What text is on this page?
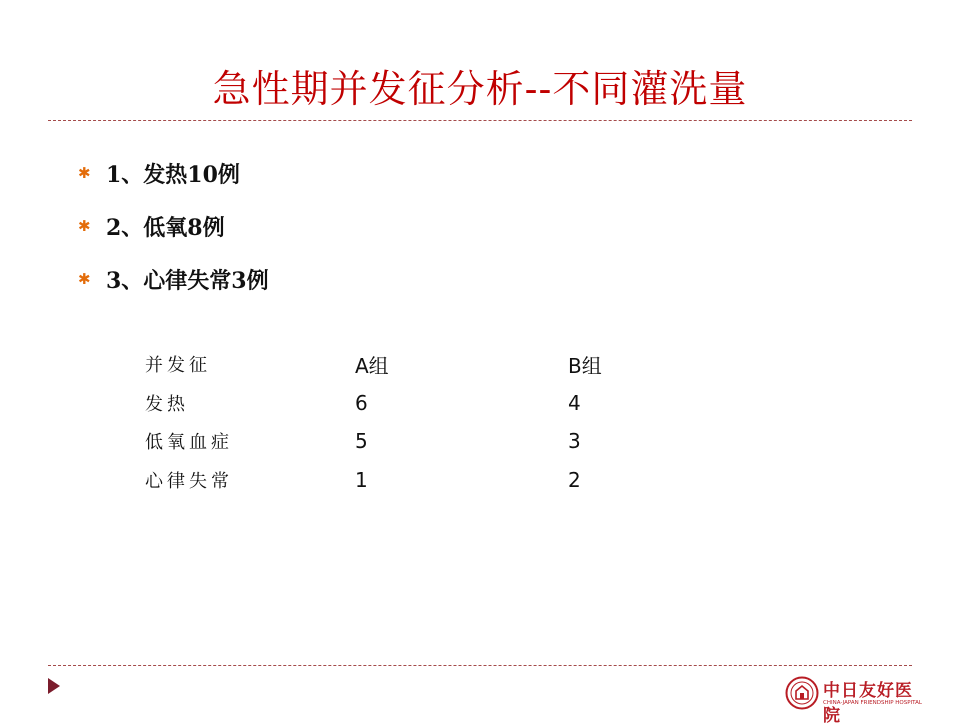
急性期并发征分析--不同灌洗量
✱ 1、发热10例
✱ 2、低氧8例
✱ 3、心律失常3例
并发征	A组	B组
发热	6	4
低氧血症	5	3
心律失常	1	2
中日友好医院
CHINA-JAPAN FRIENDSHIP HOSPITAL
